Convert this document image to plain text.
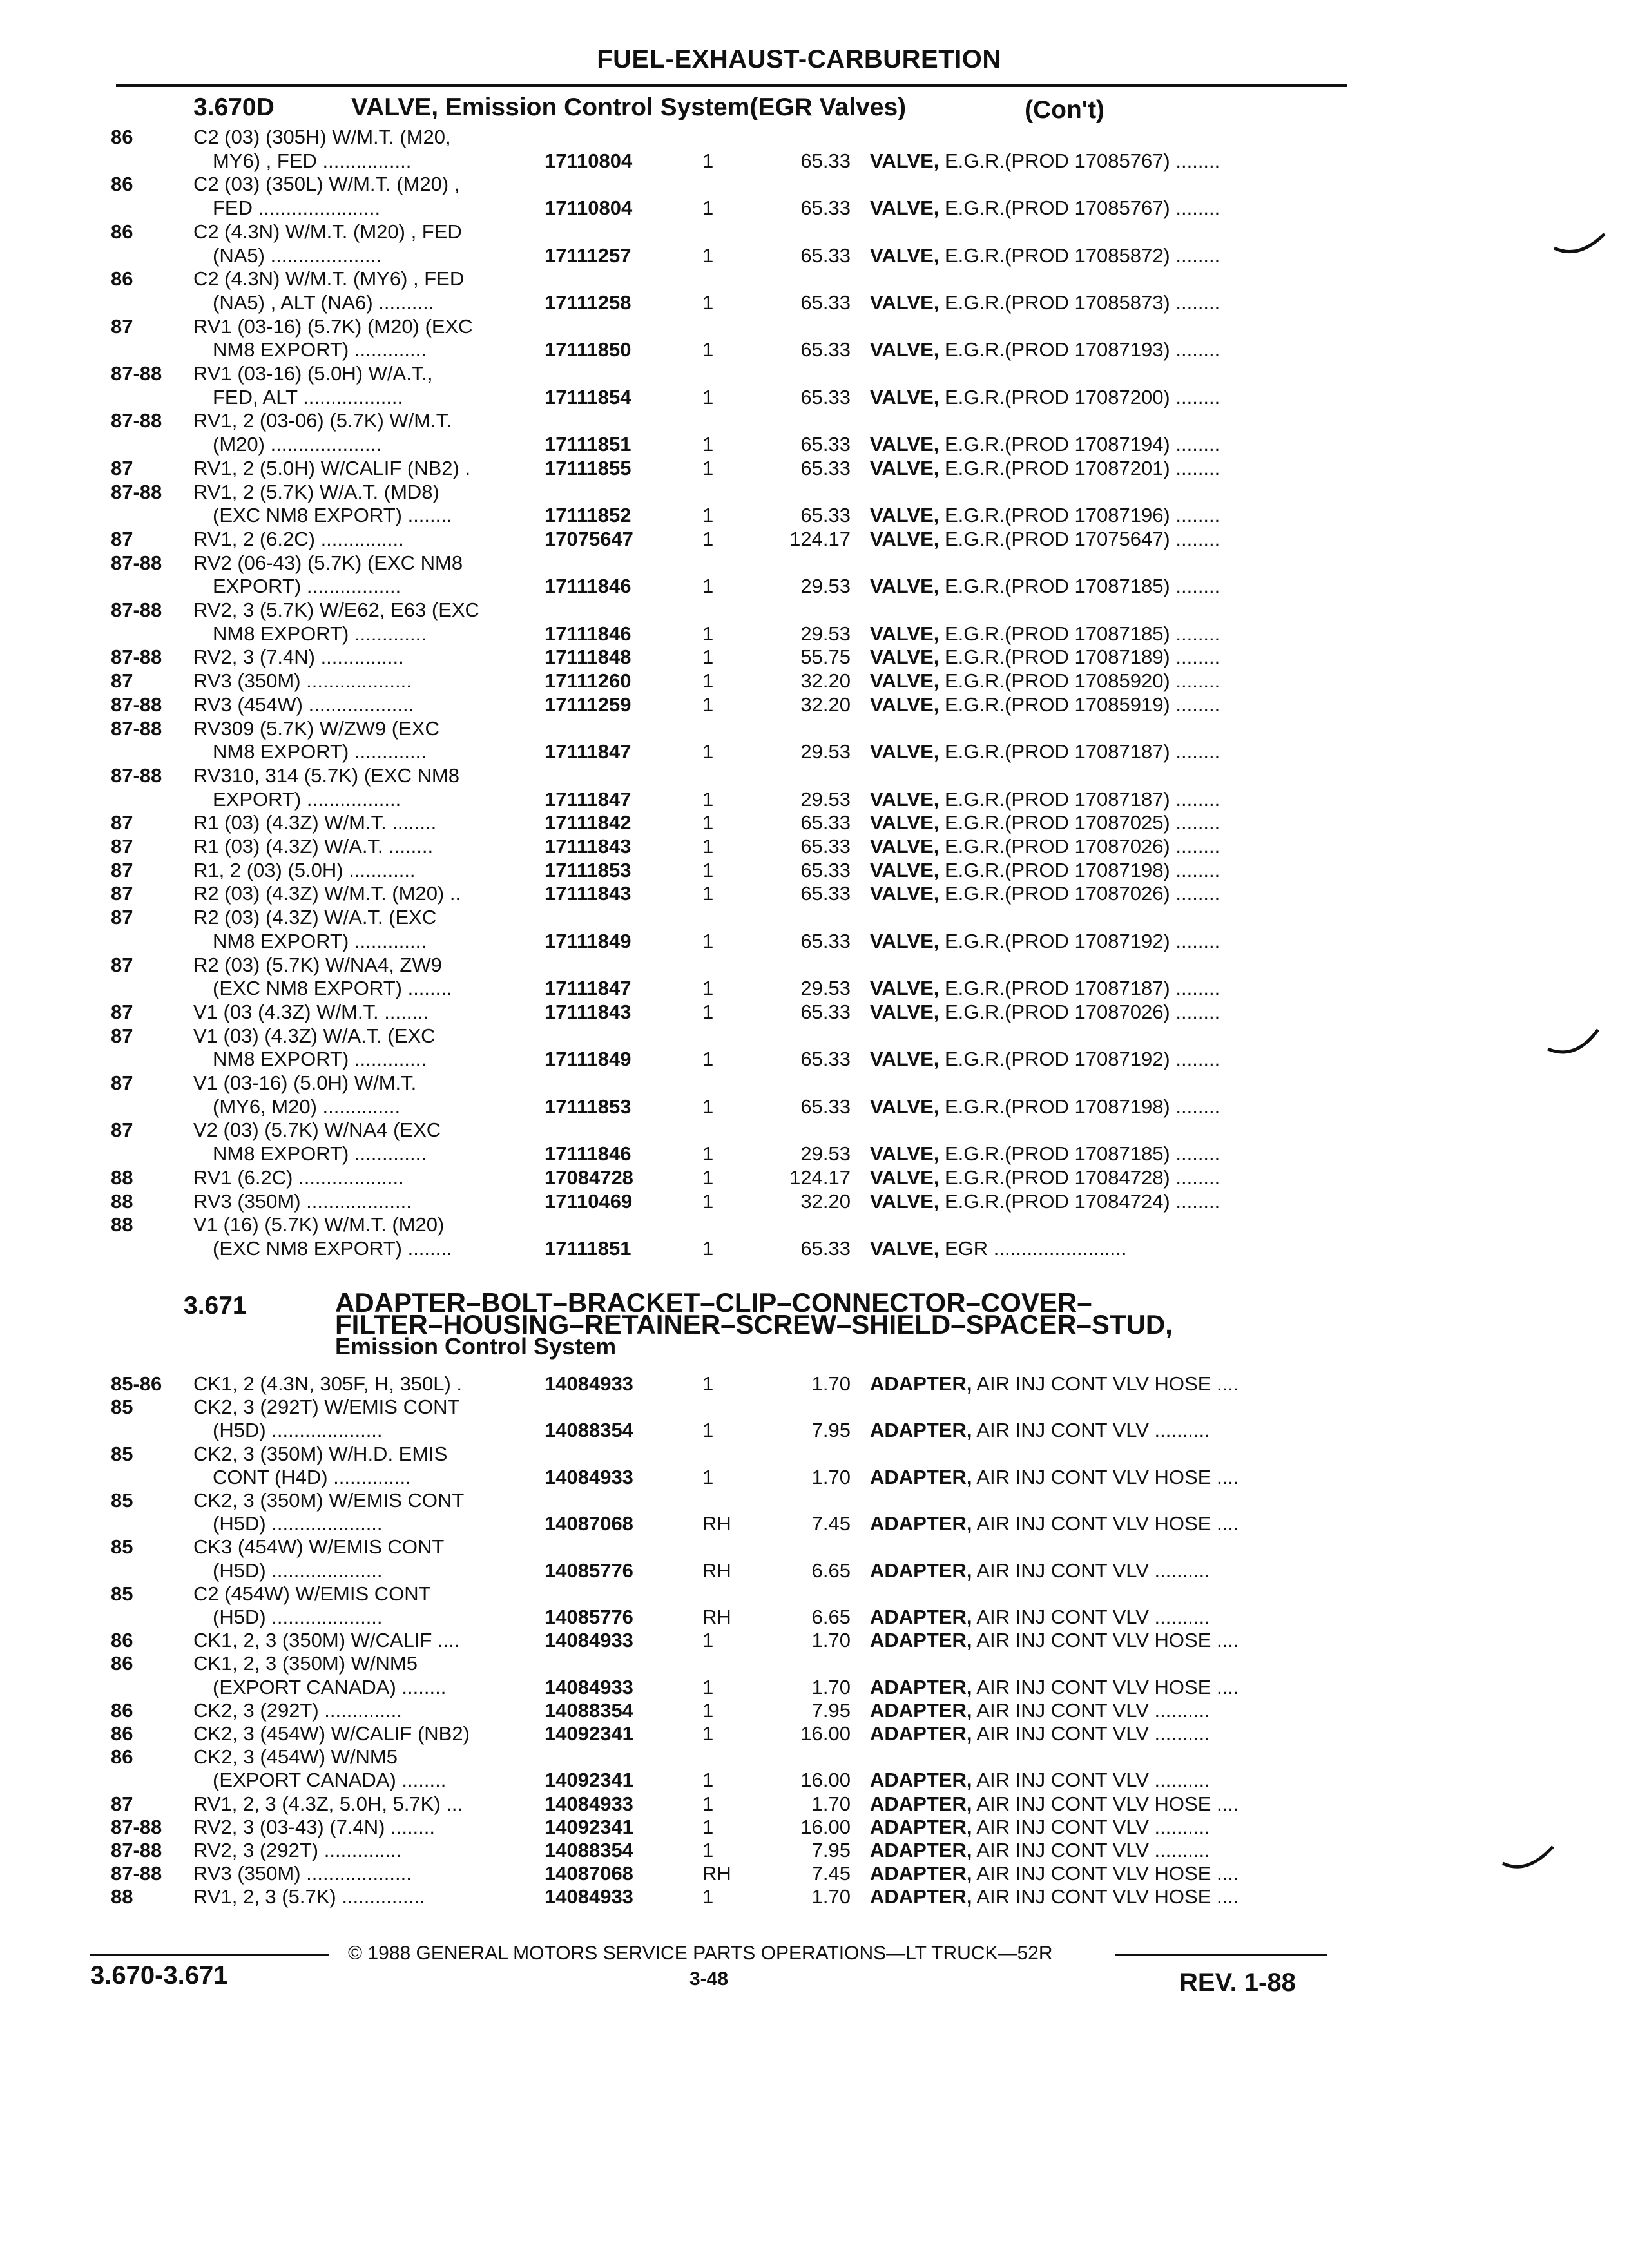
FUEL-EXHAUST-CARBURETION
3.670D	VALVE, Emission Control System(EGR Valves)	(Con't)
86	C2 (03) (305H) W/M.T. (M20,
MY6) , FED ................	17110804	1	65.33 VALVE, E.G.R.(PROD 17085767) ........
86	C2 (03) (350L) W/M.T. (M20) ,
FED ......................	17110804	1	65.33 VALVE, E.G.R.(PROD 17085767) ........
86	C2 (4.3N) W/M.T. (M20) , FED
(NA5) ....................	17111257	1	65.33 VALVE, E.G.R.(PROD 17085872) ........
86	C2 (4.3N) W/M.T. (MY6) , FED
(NA5) , ALT (NA6) ..........	17111258	1	65.33 VALVE, E.G.R.(PROD 17085873) ........
87	RV1 (03-16) (5.7K) (M20) (EXC
NM8 EXPORT) .............	17111850	1	65.33 VALVE, E.G.R.(PROD 17087193) ........
87-88 RV1 (03-16) (5.0H) W/A.T.,
FED, ALT ..................	17111854	1	65.33 VALVE, E.G.R.(PROD 17087200) ........
87-88 RV1, 2 (03-06) (5.7K) W/M.T.
(M20) ....................	17111851	1	65.33 VALVE, E.G.R.(PROD 17087194) ........
87	RV1, 2 (5.0H) W/CALIF (NB2) .	17111855	1	65.33 VALVE, E.G.R.(PROD 17087201) ........
87-88 RV1, 2 (5.7K) W/A.T. (MD8)
(EXC NM8 EXPORT) ........	17111852	1	65.33 VALVE, E.G.R.(PROD 17087196) ........
87	RV1, 2 (6.2C) ...............	17075647	1	124.17 VALVE, E.G.R.(PROD 17075647) ........
87-88 RV2 (06-43) (5.7K) (EXC NM8
EXPORT) .................	17111846	1	29.53 VALVE, E.G.R.(PROD 17087185) ........
87-88 RV2, 3 (5.7K) W/E62, E63 (EXC
NM8 EXPORT) .............	17111846	1	29.53 VALVE, E.G.R.(PROD 17087185) ........
87-88 RV2, 3 (7.4N) ...............	17111848	1	55.75 VALVE, E.G.R.(PROD 17087189) ........
87	RV3 (350M) ...................	17111260	1	32.20 VALVE, E.G.R.(PROD 17085920) ........
87-88 RV3 (454W) ...................	17111259	1	32.20 VALVE, E.G.R.(PROD 17085919) ........
87-88 RV309 (5.7K) W/ZW9 (EXC
NM8 EXPORT) .............	17111847	1	29.53 VALVE, E.G.R.(PROD 17087187) ........
87-88 RV310, 314 (5.7K) (EXC NM8
EXPORT) .................	17111847	1	29.53 VALVE, E.G.R.(PROD 17087187) ........
87	R1 (03) (4.3Z) W/M.T. ........	17111842	1	65.33 VALVE, E.G.R.(PROD 17087025) ........
87	R1 (03) (4.3Z) W/A.T. ........	17111843	1	65.33 VALVE, E.G.R.(PROD 17087026) ........
87	R1, 2 (03) (5.0H) ............	17111853	1	65.33 VALVE, E.G.R.(PROD 17087198) ........
87	R2 (03) (4.3Z) W/M.T. (M20) ..	17111843	1	65.33 VALVE, E.G.R.(PROD 17087026) ........
87	R2 (03) (4.3Z) W/A.T. (EXC
NM8 EXPORT) .............	17111849	1	65.33 VALVE, E.G.R.(PROD 17087192) ........
87	R2 (03) (5.7K) W/NA4, ZW9
(EXC NM8 EXPORT) ........	17111847	1	29.53 VALVE, E.G.R.(PROD 17087187) ........
87	V1 (03 (4.3Z) W/M.T. ........	17111843	1	65.33 VALVE, E.G.R.(PROD 17087026) ........
87	V1 (03) (4.3Z) W/A.T. (EXC
NM8 EXPORT) .............	17111849	1	65.33 VALVE, E.G.R.(PROD 17087192) ........
87	V1 (03-16) (5.0H) W/M.T.
(MY6, M20) ..............	17111853	1	65.33 VALVE, E.G.R.(PROD 17087198) ........
87	V2 (03) (5.7K) W/NA4 (EXC
NM8 EXPORT) .............	17111846	1	29.53 VALVE, E.G.R.(PROD 17087185) ........
88	RV1 (6.2C) ...................	17084728	1	124.17 VALVE, E.G.R.(PROD 17084728) ........
88	RV3 (350M) ...................	17110469	1	32.20 VALVE, E.G.R.(PROD 17084724) ........
88	V1 (16) (5.7K) W/M.T. (M20)
(EXC NM8 EXPORT) ........	17111851	1	65.33 VALVE, EGR ........................
3.671	ADAPTER–BOLT–BRACKET–CLIP–CONNECTOR–COVER–
FILTER–HOUSING–RETAINER–SCREW–SHIELD–SPACER–STUD,
Emission Control System
85-86 CK1, 2 (4.3N, 305F, H, 350L) .	14084933	1	1.70 ADAPTER, AIR INJ CONT VLV HOSE ....
85	CK2, 3 (292T) W/EMIS CONT
(H5D) ....................	14088354	1	7.95 ADAPTER, AIR INJ CONT VLV ..........
85	CK2, 3 (350M) W/H.D. EMIS
CONT (H4D) ..............	14084933	1	1.70 ADAPTER, AIR INJ CONT VLV HOSE ....
85	CK2, 3 (350M) W/EMIS CONT
(H5D) ....................	14087068	RH	7.45 ADAPTER, AIR INJ CONT VLV HOSE ....
85	CK3 (454W) W/EMIS CONT
(H5D) ....................	14085776	RH	6.65 ADAPTER, AIR INJ CONT VLV ..........
85	C2 (454W) W/EMIS CONT
(H5D) ....................	14085776	RH	6.65 ADAPTER, AIR INJ CONT VLV ..........
86	CK1, 2, 3 (350M) W/CALIF ....	14084933	1	1.70 ADAPTER, AIR INJ CONT VLV HOSE ....
86	CK1, 2, 3 (350M) W/NM5
(EXPORT CANADA) ........	14084933	1	1.70 ADAPTER, AIR INJ CONT VLV HOSE ....
86	CK2, 3 (292T) ..............	14088354	1	7.95 ADAPTER, AIR INJ CONT VLV ..........
86	CK2, 3 (454W) W/CALIF (NB2)	14092341	1	16.00 ADAPTER, AIR INJ CONT VLV ..........
86	CK2, 3 (454W) W/NM5
(EXPORT CANADA) ........	14092341	1	16.00 ADAPTER, AIR INJ CONT VLV ..........
87	RV1, 2, 3 (4.3Z, 5.0H, 5.7K) ...	14084933	1	1.70 ADAPTER, AIR INJ CONT VLV HOSE ....
87-88 RV2, 3 (03-43) (7.4N) ........	14092341	1	16.00 ADAPTER, AIR INJ CONT VLV ..........
87-88 RV2, 3 (292T) ..............	14088354	1	7.95 ADAPTER, AIR INJ CONT VLV ..........
87-88 RV3 (350M) ...................	14087068	RH	7.45 ADAPTER, AIR INJ CONT VLV HOSE ....
88	RV1, 2, 3 (5.7K) ...............	14084933	1	1.70 ADAPTER, AIR INJ CONT VLV HOSE ....
3.670-3.671
© 1988 GENERAL MOTORS SERVICE PARTS OPERATIONS—LT TRUCK—52R
3-48	REV. 1-88
